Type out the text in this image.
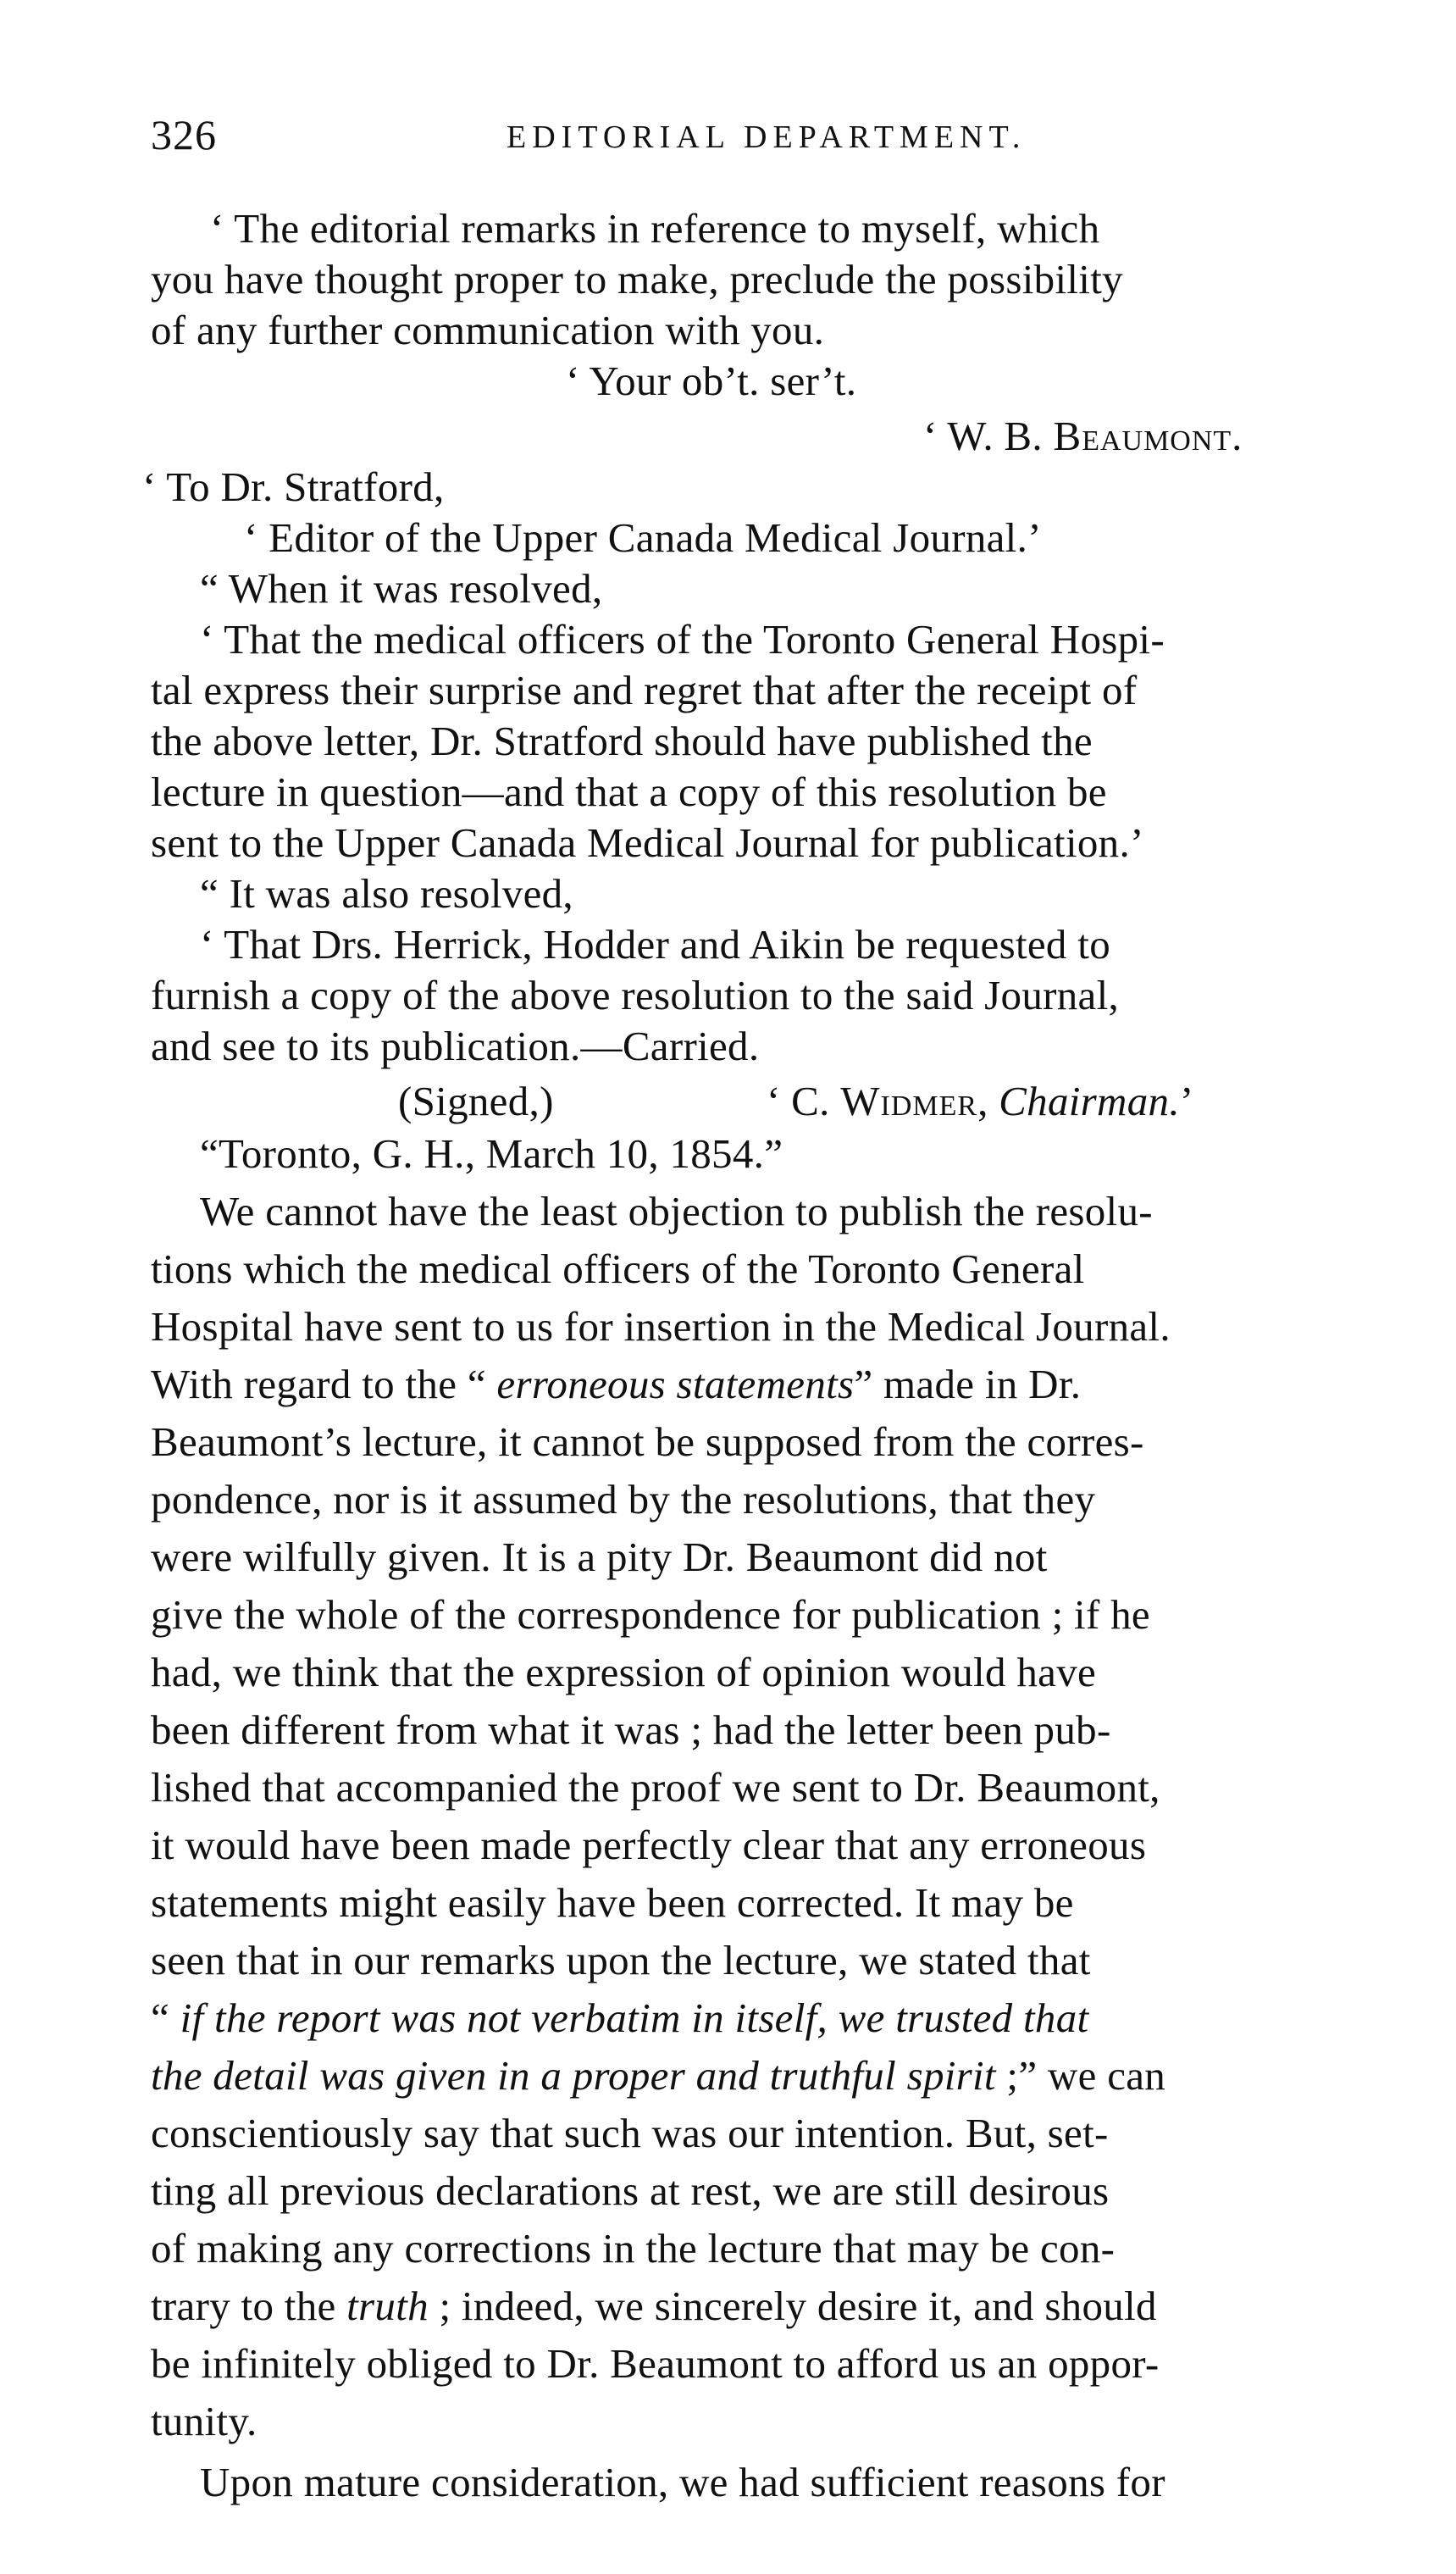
326	EDITORIAL DEPARTMENT.
‘ The editorial remarks in reference to myself, which
you have thought proper to make, preclude the possibility
of any further communication with you.
‘ Your ob’t. ser’t.
‘ W. B. Beaumont.
‘ To Dr. Stratford,
‘ Editor of the Upper Canada Medical Journal.’
“ When it was resolved,
‘ That the medical officers of the Toronto General Hospi-
tal express their surprise and regret that after the receipt of
the above letter, Dr. Stratford should have published the
lecture in question—and that a copy of this resolution be
sent to the Upper Canada Medical Journal for publication.’
“ It was also resolved,
‘ That Drs. Herrick, Hodder and Aikin be requested to
furnish a copy of the above resolution to the said Journal,
and see to its publication.—Carried.
(Signed,)	‘ C. Widmer, Chairman.’
“Toronto, G. H., March 10, 1854.”
We cannot have the least objection to publish the resolu-
tions which the medical officers of the Toronto General
Hospital have sent to us for insertion in the Medical Journal.
With regard to the “ erroneous statements” made in Dr.
Beaumont’s lecture, it cannot be supposed from the corres-
pondence, nor is it assumed by the resolutions, that they
were wilfully given. It is a pity Dr. Beaumont did not
give the whole of the correspondence for publication ; if he
had, we think that the expression of opinion would have
been different from what it was ; had the letter been pub-
lished that accompanied the proof we sent to Dr. Beaumont,
it would have been made perfectly clear that any erroneous
statements might easily have been corrected. It may be
seen that in our remarks upon the lecture, we stated that
“ if the report was not verbatim in itself, we trusted that
the detail was given in a proper and truthful spirit ;” we can
conscientiously say that such was our intention. But, set-
ting all previous declarations at rest, we are still desirous
of making any corrections in the lecture that may be con-
trary to the truth ; indeed, we sincerely desire it, and should
be infinitely obliged to Dr. Beaumont to afford us an oppor-
tunity.
Upon mature consideration, we had sufficient reasons for
